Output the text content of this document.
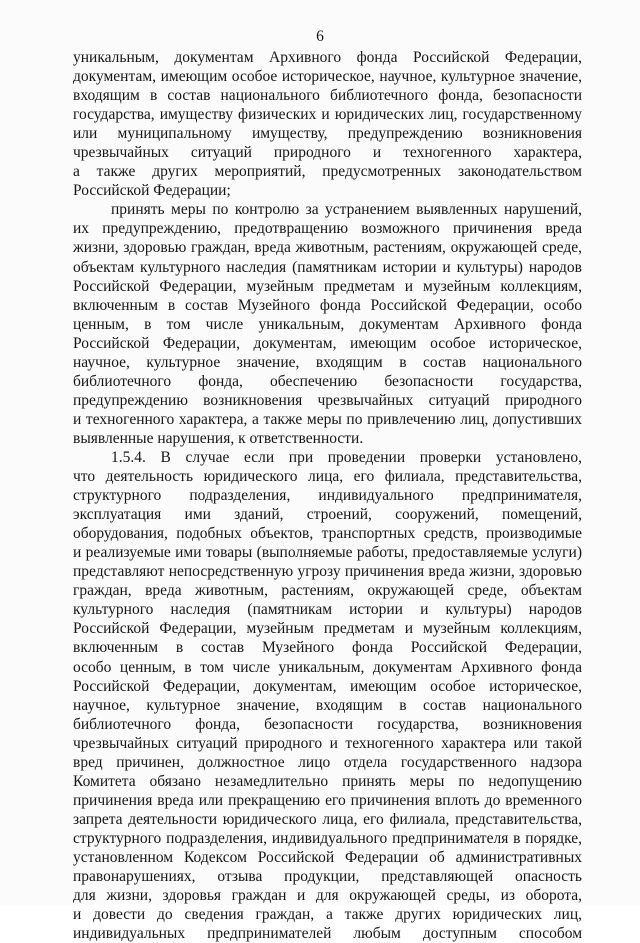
6
уникальным, документам Архивного фонда Российской Федерации,
документам, имеющим особое историческое, научное, культурное значение,
входящим в состав национального библиотечного фонда, безопасности
государства, имуществу физических и юридических лиц, государственному
или муниципальному имуществу, предупреждению возникновения
чрезвычайных ситуаций природного и техногенного характера,
а также других мероприятий, предусмотренных законодательством
Российской Федерации;
принять меры по контролю за устранением выявленных нарушений,
их предупреждению, предотвращению возможного причинения вреда
жизни, здоровью граждан, вреда животным, растениям, окружающей среде,
объектам культурного наследия (памятникам истории и культуры) народов
Российской Федерации, музейным предметам и музейным коллекциям,
включенным в состав Музейного фонда Российской Федерации, особо
ценным, в том числе уникальным, документам Архивного фонда
Российской Федерации, документам, имеющим особое историческое,
научное, культурное значение, входящим в состав национального
библиотечного фонда, обеспечению безопасности государства,
предупреждению возникновения чрезвычайных ситуаций природного
и техногенного характера, а также меры по привлечению лиц, допустивших
выявленные нарушения, к ответственности.
1.5.4. В случае если при проведении проверки установлено,
что деятельность юридического лица, его филиала, представительства,
структурного подразделения, индивидуального предпринимателя,
эксплуатация ими зданий, строений, сооружений, помещений,
оборудования, подобных объектов, транспортных средств, производимые
и реализуемые ими товары (выполняемые работы, предоставляемые услуги)
представляют непосредственную угрозу причинения вреда жизни, здоровью
граждан, вреда животным, растениям, окружающей среде, объектам
культурного наследия (памятникам истории и культуры) народов
Российской Федерации, музейным предметам и музейным коллекциям,
включенным в состав Музейного фонда Российской Федерации,
особо ценным, в том числе уникальным, документам Архивного фонда
Российской Федерации, документам, имеющим особое историческое,
научное, культурное значение, входящим в состав национального
библиотечного фонда, безопасности государства, возникновения
чрезвычайных ситуаций природного и техногенного характера или такой
вред причинен, должностное лицо отдела государственного надзора
Комитета обязано незамедлительно принять меры по недопущению
причинения вреда или прекращению его причинения вплоть до временного
запрета деятельности юридического лица, его филиала, представительства,
структурного подразделения, индивидуального предпринимателя в порядке,
установленном Кодексом Российской Федерации об административных
правонарушениях, отзыва продукции, представляющей опасность
для жизни, здоровья граждан и для окружающей среды, из оборота,
и довести до сведения граждан, а также других юридических лиц,
индивидуальных предпринимателей любым доступным способом
